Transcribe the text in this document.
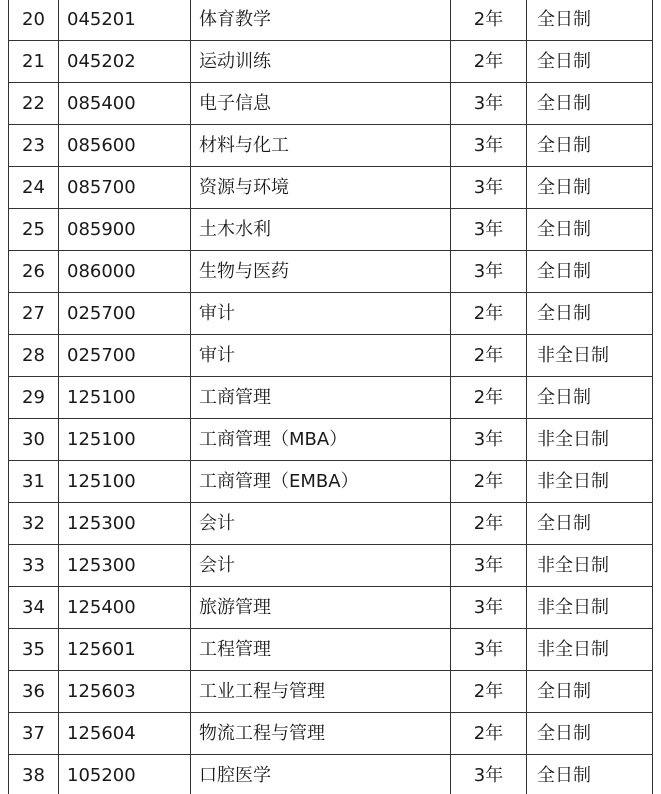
20	045201	体育教学	2年	全日制
21	045202	运动训练	2年	全日制
22	085400	电子信息	3年	全日制
23	085600	材料与化工	3年	全日制
24	085700	资源与环境	3年	全日制
25	085900	土木水利	3年	全日制
26	086000	生物与医药	3年	全日制
27	025700	审计	2年	全日制
28	025700	审计	2年	非全日制
29	125100	工商管理	2年	全日制
30	125100	工商管理（MBA）	3年	非全日制
31	125100	工商管理（EMBA）	2年	非全日制
32	125300	会计	2年	全日制
33	125300	会计	3年	非全日制
34	125400	旅游管理	3年	非全日制
35	125601	工程管理	3年	非全日制
36	125603	工业工程与管理	2年	全日制
37	125604	物流工程与管理	2年	全日制
38	105200	口腔医学	3年	全日制
